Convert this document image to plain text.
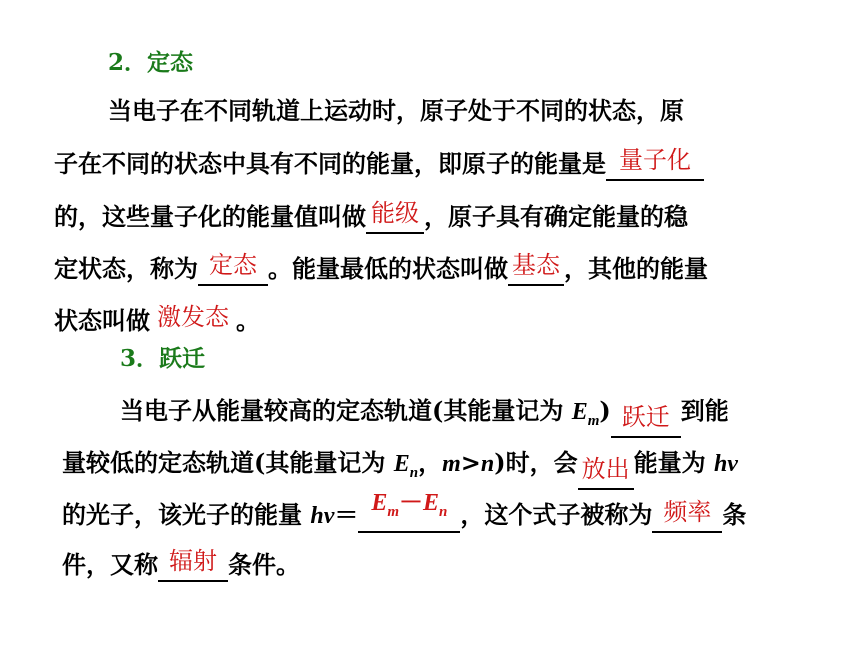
2．定态
当电子在不同轨道上运动时，原子处于不同的状态，原
子在不同的状态中具有不同的能量，即原子的能量是 量子化
的，这些量子化的能量值叫做 能级 ，原子具有确定能量的稳
定状态，称为 定态 。能量最低的状态叫做 基态 ，其他的能量
状态叫做 激发态 。
3．跃迁
当电子从能量较高的定态轨道(其能量记为 $E_m$) 跃迁 到能
量较低的定态轨道(其能量记为 $E_n$，m>n)时，会 放出 能量为 hν
的光子，该光子的能量 $h\nu= E_m-E_n$ ，这个式子被称为 频率 条
件，又称 辐射 条件。
